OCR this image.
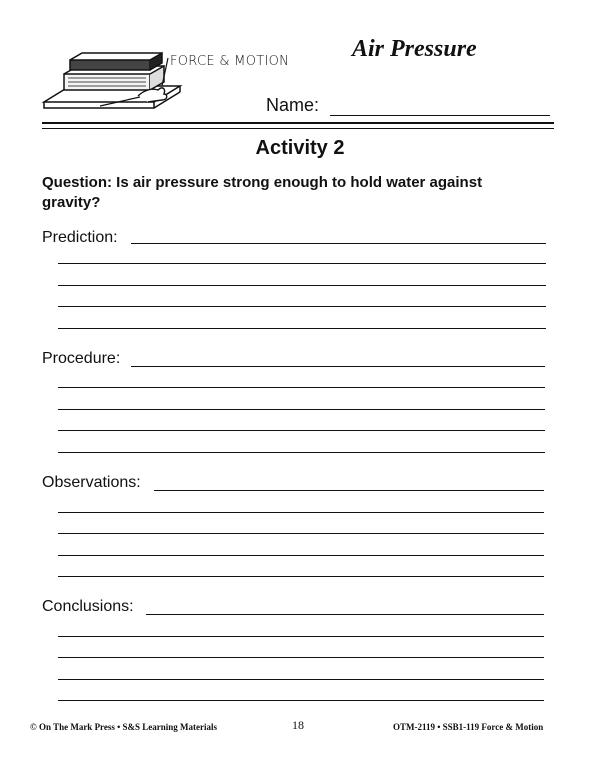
FORCE & MOTION	Air Pressure
Name:
Activity 2
Question: Is air pressure strong enough to hold water against gravity?
Prediction:
Procedure:
Observations:
Conclusions:
© On The Mark Press • S&S Learning Materials	18	OTM-2119 • SSB1-119 Force & Motion
